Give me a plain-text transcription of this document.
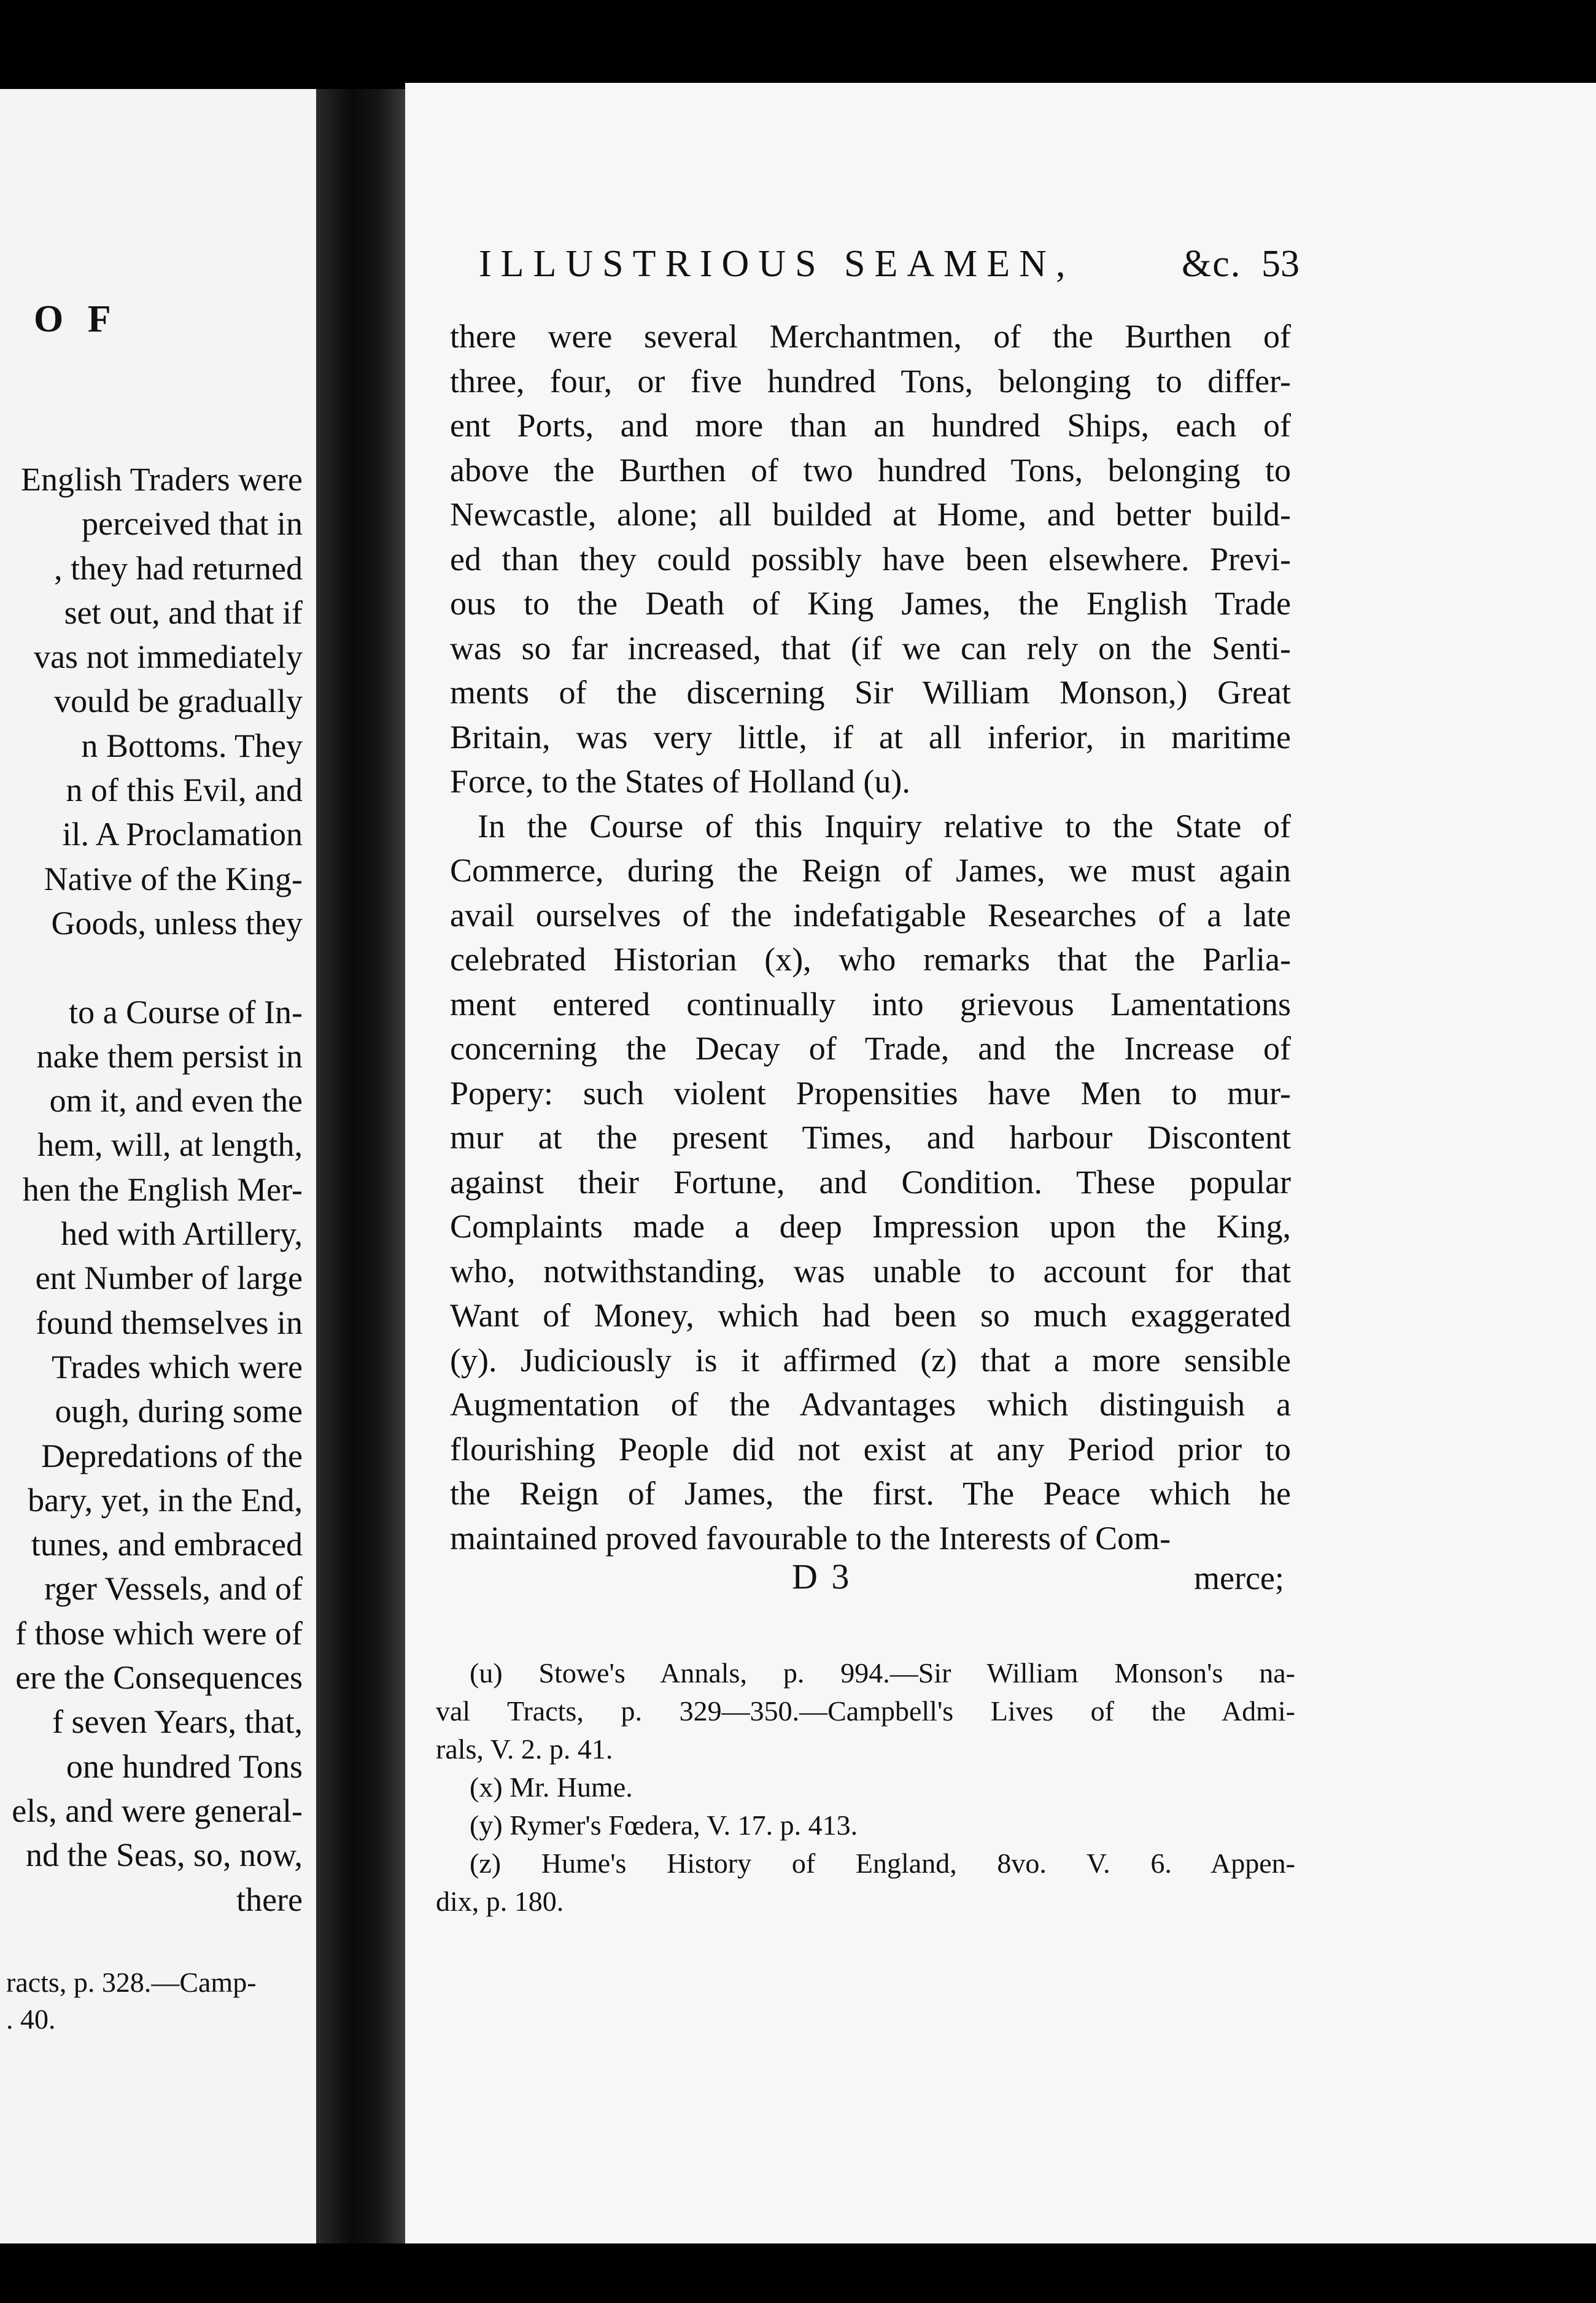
O F
English Traders were
perceived that in
, they had returned
set out, and that if
vas not immediately
vould be gradually
n Bottoms. They
n of this Evil, and
il. A Proclamation
Native of the King-
Goods, unless they

to a Course of In-
nake them persist in
om it, and even the
hem, will, at length,
hen the English Mer-
hed with Artillery,
ent Number of large
found themselves in
Trades which were
ough, during some
Depredations of the
bary, yet, in the End,
tunes, and embraced
rger Vessels, and of
f those which were of
ere the Consequences
f seven Years, that,
one hundred Tons
els, and were general-
nd the Seas, so, now,
there
racts, p. 328.—Camp-
. 40.
ILLUSTRIOUS SEAMEN,	&c. 53
there were several Merchantmen, of the Burthen of
three, four, or five hundred Tons, belonging to differ-
ent Ports, and more than an hundred Ships, each of
above the Burthen of two hundred Tons, belonging to
Newcastle, alone; all builded at Home, and better build-
ed than they could possibly have been elsewhere. Previ-
ous to the Death of King James, the English Trade
was so far increased, that (if we can rely on the Senti-
ments of the discerning Sir William Monson,) Great
Britain, was very little, if at all inferior, in maritime
Force, to the States of Holland (u).
In the Course of this Inquiry relative to the State of
Commerce, during the Reign of James, we must again
avail ourselves of the indefatigable Researches of a late
celebrated Historian (x), who remarks that the Parlia-
ment entered continually into grievous Lamentations
concerning the Decay of Trade, and the Increase of
Popery: such violent Propensities have Men to mur-
mur at the present Times, and harbour Discontent
against their Fortune, and Condition. These popular
Complaints made a deep Impression upon the King,
who, notwithstanding, was unable to account for that
Want of Money, which had been so much exaggerated
(y). Judiciously is it affirmed (z) that a more sensible
Augmentation of the Advantages which distinguish a
flourishing People did not exist at any Period prior to
the Reign of James, the first. The Peace which he
maintained proved favourable to the Interests of Com-
D 3	merce;
(u) Stowe's Annals, p. 994.—Sir William Monson's na-
val Tracts, p. 329—350.—Campbell's Lives of the Admi-
rals, V. 2. p. 41.
(x) Mr. Hume.
(y) Rymer's Fœdera, V. 17. p. 413.
(z) Hume's History of England, 8vo. V. 6. Appen-
dix, p. 180.
